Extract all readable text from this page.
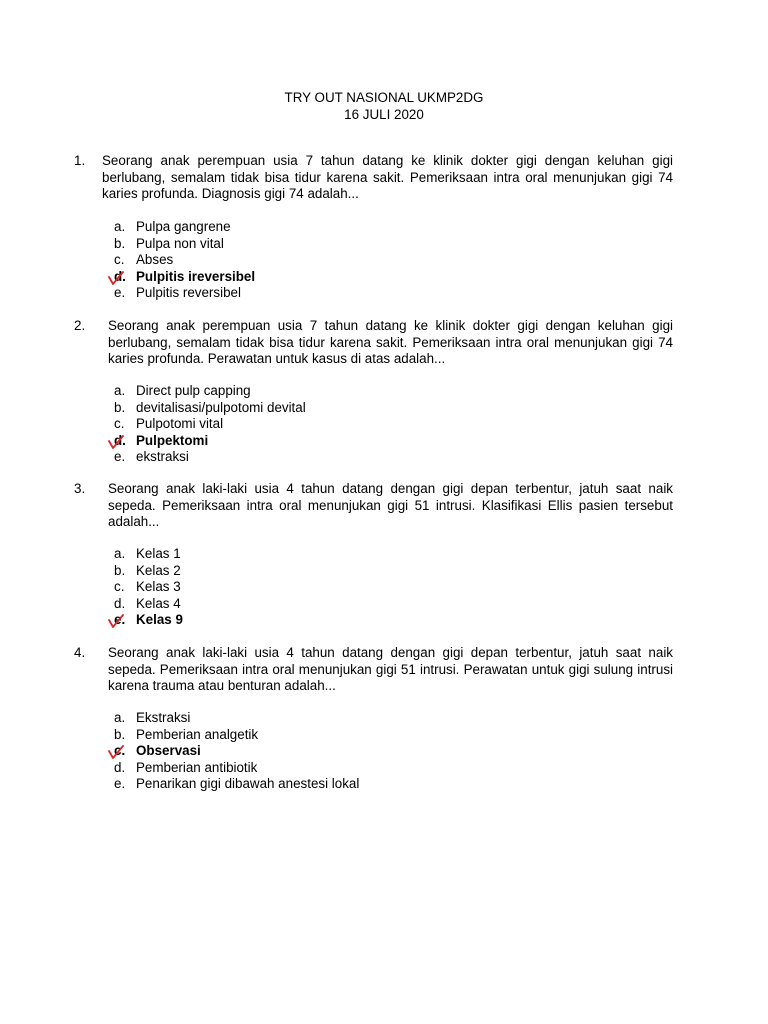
TRY OUT NASIONAL UKMP2DG
16 JULI 2020
1. Seorang anak perempuan usia 7 tahun datang ke klinik dokter gigi dengan keluhan gigi berlubang, semalam tidak bisa tidur karena sakit. Pemeriksaan intra oral menunjukan gigi 74 karies profunda. Diagnosis gigi 74 adalah...
a. Pulpa gangrene
b. Pulpa non vital
c. Abses
d. Pulpitis ireversibel
e. Pulpitis reversibel
2. Seorang anak perempuan usia 7 tahun datang ke klinik dokter gigi dengan keluhan gigi berlubang, semalam tidak bisa tidur karena sakit. Pemeriksaan intra oral menunjukan gigi 74 karies profunda. Perawatan untuk kasus di atas adalah...
a. Direct pulp capping
b. devitalisasi/pulpotomi devital
c. Pulpotomi vital
d. Pulpektomi
e. ekstraksi
3. Seorang anak laki-laki usia 4 tahun datang dengan gigi depan terbentur, jatuh saat naik sepeda. Pemeriksaan intra oral menunjukan gigi 51 intrusi. Klasifikasi Ellis pasien tersebut adalah...
a. Kelas 1
b. Kelas 2
c. Kelas 3
d. Kelas 4
e. Kelas 9
4. Seorang anak laki-laki usia 4 tahun datang dengan gigi depan terbentur, jatuh saat naik sepeda. Pemeriksaan intra oral menunjukan gigi 51 intrusi. Perawatan untuk gigi sulung intrusi karena trauma atau benturan adalah...
a. Ekstraksi
b. Pemberian analgetik
c. Observasi
d. Pemberian antibiotik
e. Penarikan gigi dibawah anestesi lokal
